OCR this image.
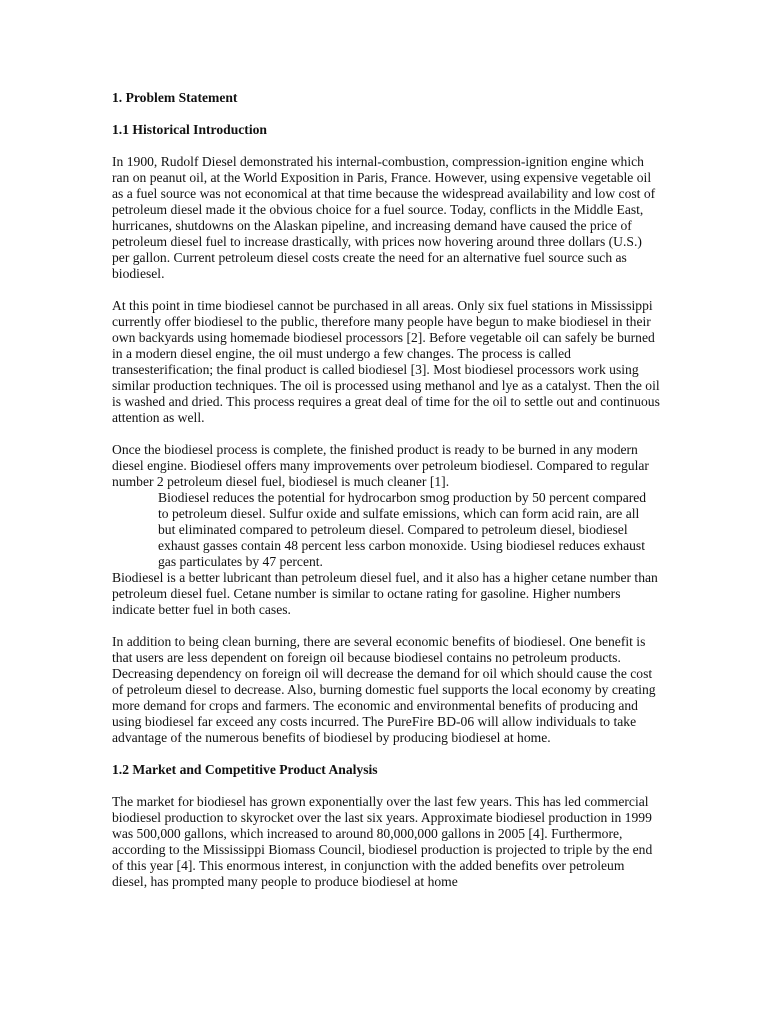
1. Problem Statement

1.1 Historical Introduction

In 1900, Rudolf Diesel demonstrated his internal-combustion, compression-ignition engine which ran on peanut oil, at the World Exposition in Paris, France. However, using expensive vegetable oil as a fuel source was not economical at that time because the widespread availability and low cost of petroleum diesel made it the obvious choice for a fuel source. Today, conflicts in the Middle East, hurricanes, shutdowns on the Alaskan pipeline, and increasing demand have caused the price of petroleum diesel fuel to increase drastically, with prices now hovering around three dollars (U.S.) per gallon. Current petroleum diesel costs create the need for an alternative fuel source such as biodiesel.

At this point in time biodiesel cannot be purchased in all areas. Only six fuel stations in Mississippi currently offer biodiesel to the public, therefore many people have begun to make biodiesel in their own backyards using homemade biodiesel processors [2]. Before vegetable oil can safely be burned in a modern diesel engine, the oil must undergo a few changes. The process is called transesterification; the final product is called biodiesel [3]. Most biodiesel processors work using similar production techniques. The oil is processed using methanol and lye as a catalyst. Then the oil is washed and dried. This process requires a great deal of time for the oil to settle out and continuous attention as well.

Once the biodiesel process is complete, the finished product is ready to be burned in any modern diesel engine. Biodiesel offers many improvements over petroleum biodiesel. Compared to regular number 2 petroleum diesel fuel, biodiesel is much cleaner [1].

Biodiesel reduces the potential for hydrocarbon smog production by 50 percent compared to petroleum diesel. Sulfur oxide and sulfate emissions, which can form acid rain, are all but eliminated compared to petroleum diesel. Compared to petroleum diesel, biodiesel exhaust gasses contain 48 percent less carbon monoxide. Using biodiesel reduces exhaust gas particulates by 47 percent.

Biodiesel is a better lubricant than petroleum diesel fuel, and it also has a higher cetane number than petroleum diesel fuel. Cetane number is similar to octane rating for gasoline. Higher numbers indicate better fuel in both cases.

In addition to being clean burning, there are several economic benefits of biodiesel. One benefit is that users are less dependent on foreign oil because biodiesel contains no petroleum products. Decreasing dependency on foreign oil will decrease the demand for oil which should cause the cost of petroleum diesel to decrease. Also, burning domestic fuel supports the local economy by creating more demand for crops and farmers. The economic and environmental benefits of producing and using biodiesel far exceed any costs incurred. The PureFire BD-06 will allow individuals to take advantage of the numerous benefits of biodiesel by producing biodiesel at home.

1.2 Market and Competitive Product Analysis

The market for biodiesel has grown exponentially over the last few years. This has led commercial biodiesel production to skyrocket over the last six years. Approximate biodiesel production in 1999 was 500,000 gallons, which increased to around 80,000,000 gallons in 2005 [4]. Furthermore, according to the Mississippi Biomass Council, biodiesel production is projected to triple by the end of this year [4]. This enormous interest, in conjunction with the added benefits over petroleum diesel, has prompted many people to produce biodiesel at home
